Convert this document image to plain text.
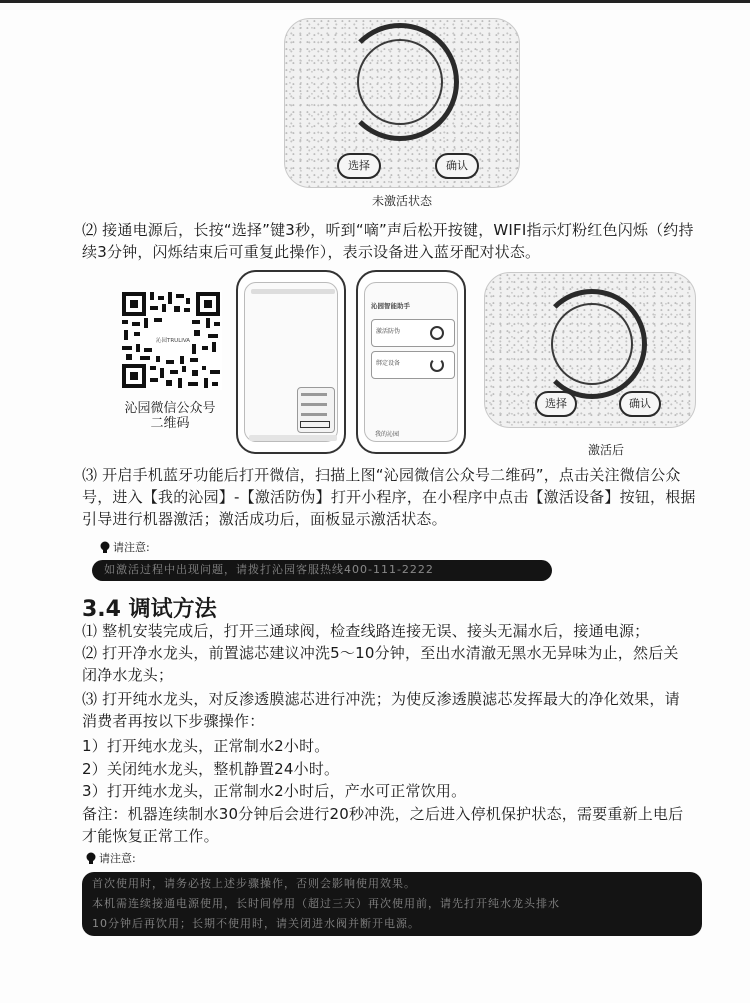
选择	确认
未激活状态

⑵ 接通电源后，长按“选择”键3秒，听到“嘀”声后松开按键，WIFI指示灯粉红色闪烁（约持续3分钟，闪烁结束后可重复此操作），表示设备进入蓝牙配对状态。

沁园TRULIVA
沁园微信公众号
二维码
沁园智能助手
激活防伪
绑定设备
我的沁园
选择	确认
激活后

⑶ 开启手机蓝牙功能后打开微信，扫描上图“沁园微信公众号二维码”，点击关注微信公众号，进入【我的沁园】-【激活防伪】打开小程序，在小程序中点击【激活设备】按钮，根据引导进行机器激活；激活成功后，面板显示激活状态。

请注意:
如激活过程中出现问题，请拨打沁园客服热线400-111-2222
3.4 调试方法

⑴ 整机安装完成后，打开三通球阀，检查线路连接无误、接头无漏水后，接通电源；

⑵ 打开净水龙头，前置滤芯建议冲洗5～10分钟，至出水清澈无黑水无异味为止，然后关闭净水龙头；

⑶ 打开纯水龙头，对反渗透膜滤芯进行冲洗；为使反渗透膜滤芯发挥最大的净化效果，请消费者再按以下步骤操作：

1）打开纯水龙头，正常制水2小时。

2）关闭纯水龙头，整机静置24小时。

3）打开纯水龙头，正常制水2小时后，产水可正常饮用。

备注：机器连续制水30分钟后会进行20秒冲洗，之后进入停机保护状态，需要重新上电后才能恢复正常工作。

请注意:
首次使用时，请务必按上述步骤操作，否则会影响使用效果。
本机需连续接通电源使用，长时间停用（超过三天）再次使用前，请先打开纯水龙头排水
10分钟后再饮用；长期不使用时，请关闭进水阀并断开电源。
